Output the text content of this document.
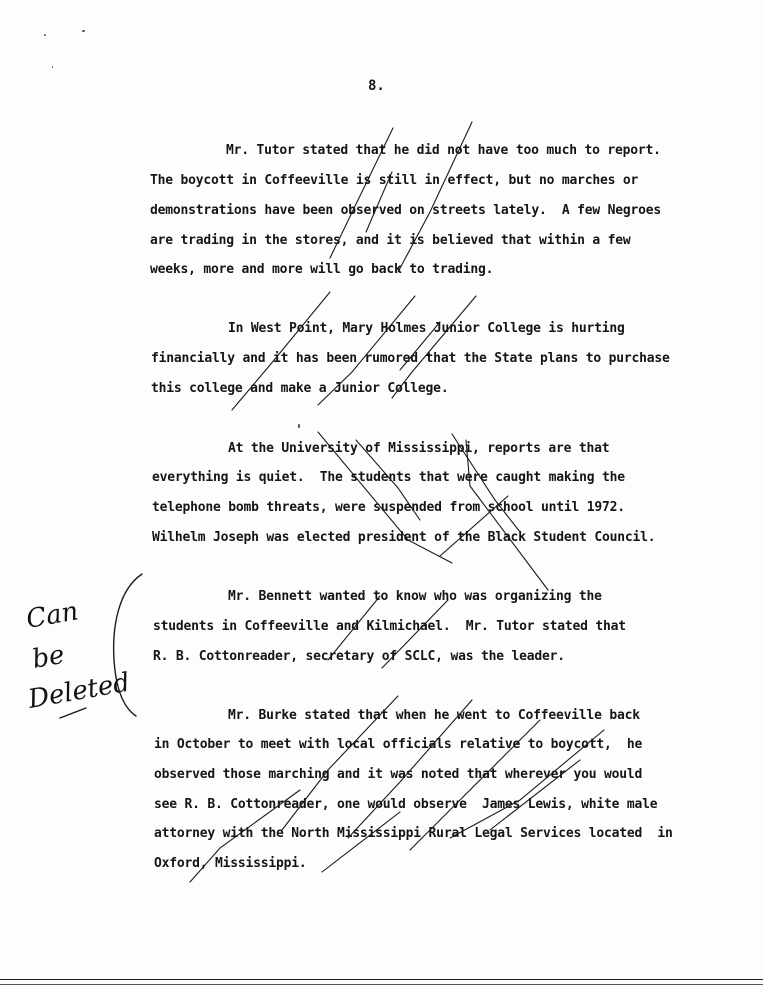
8.
Mr. Tutor stated that he did not have too much to report.
The boycott in Coffeeville is still in effect, but no marches or
demonstrations have been observed on streets lately.  A few Negroes
are trading in the stores, and it is believed that within a few
weeks, more and more will go back to trading.
In West Point, Mary Holmes Junior College is hurting
financially and it has been rumored that the State plans to purchase
this college and make a Junior College.
At the University of Mississippi, reports are that
everything is quiet.  The students that were caught making the
telephone bomb threats, were suspended from school until 1972.
Wilhelm Joseph was elected president of the Black Student Council.
Mr. Bennett wanted to know who was organizing the
students in Coffeeville and Kilmichael.  Mr. Tutor stated that
R. B. Cottonreader, secretary of SCLC, was the leader.
Mr. Burke stated that when he went to Coffeeville back
in October to meet with local officials relative to boycott,  he
observed those marching and it was noted that wherever you would
see R. B. Cottonreader, one would observe  James Lewis, white male
attorney with the North Mississippi Rural Legal Services located  in
Oxford, Mississippi.
Can
be
Deleted
